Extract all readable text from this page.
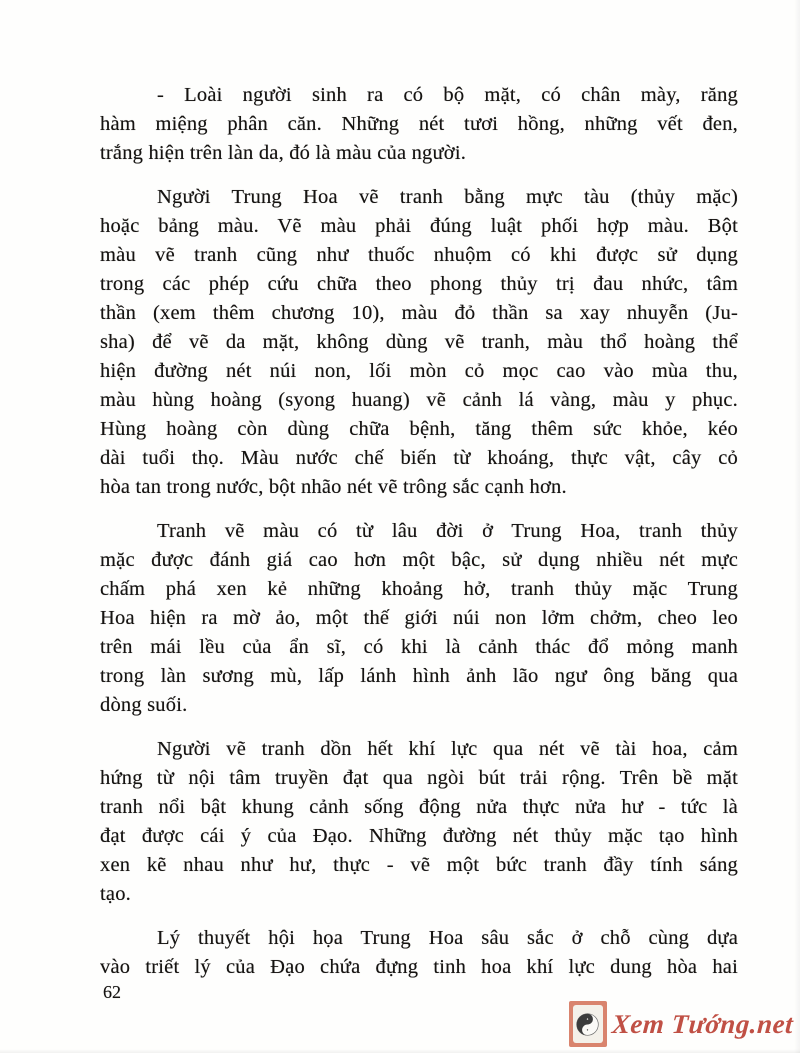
- Loài người sinh ra có bộ mặt, có chân mày, răng
hàm miệng phân căn. Những nét tươi hồng, những vết đen,
trắng hiện trên làn da, đó là màu của người.

Người Trung Hoa vẽ tranh bằng mực tàu (thủy mặc)
hoặc bảng màu. Vẽ màu phải đúng luật phối hợp màu. Bột
màu vẽ tranh cũng như thuốc nhuộm có khi được sử dụng
trong các phép cứu chữa theo phong thủy trị đau nhức, tâm
thần (xem thêm chương 10), màu đỏ thần sa xay nhuyễn (Ju-
sha) để vẽ da mặt, không dùng vẽ tranh, màu thổ hoàng thể
hiện đường nét núi non, lối mòn cỏ mọc cao vào mùa thu,
màu hùng hoàng (syong huang) vẽ cảnh lá vàng, màu y phục.
Hùng hoàng còn dùng chữa bệnh, tăng thêm sức khỏe, kéo
dài tuổi thọ. Màu nước chế biến từ khoáng, thực vật, cây cỏ
hòa tan trong nước, bột nhão nét vẽ trông sắc cạnh hơn.

Tranh vẽ màu có từ lâu đời ở Trung Hoa, tranh thủy
mặc được đánh giá cao hơn một bậc, sử dụng nhiều nét mực
chấm phá xen kẻ những khoảng hở, tranh thủy mặc Trung
Hoa hiện ra mờ ảo, một thế giới núi non lởm chởm, cheo leo
trên mái lều của ẩn sĩ, có khi là cảnh thác đổ mỏng manh
trong làn sương mù, lấp lánh hình ảnh lão ngư ông băng qua
dòng suối.

Người vẽ tranh dồn hết khí lực qua nét vẽ tài hoa, cảm
hứng từ nội tâm truyền đạt qua ngòi bút trải rộng. Trên bề mặt
tranh nổi bật khung cảnh sống động nửa thực nửa hư - tức là
đạt được cái ý của Đạo. Những đường nét thủy mặc tạo hình
xen kẽ nhau như hư, thực - vẽ một bức tranh đầy tính sáng
tạo.

Lý thuyết hội họa Trung Hoa sâu sắc ở chỗ cùng dựa
vào triết lý của Đạo chứa đựng tinh hoa khí lực dung hòa hai

62
Xem Tướng.net
